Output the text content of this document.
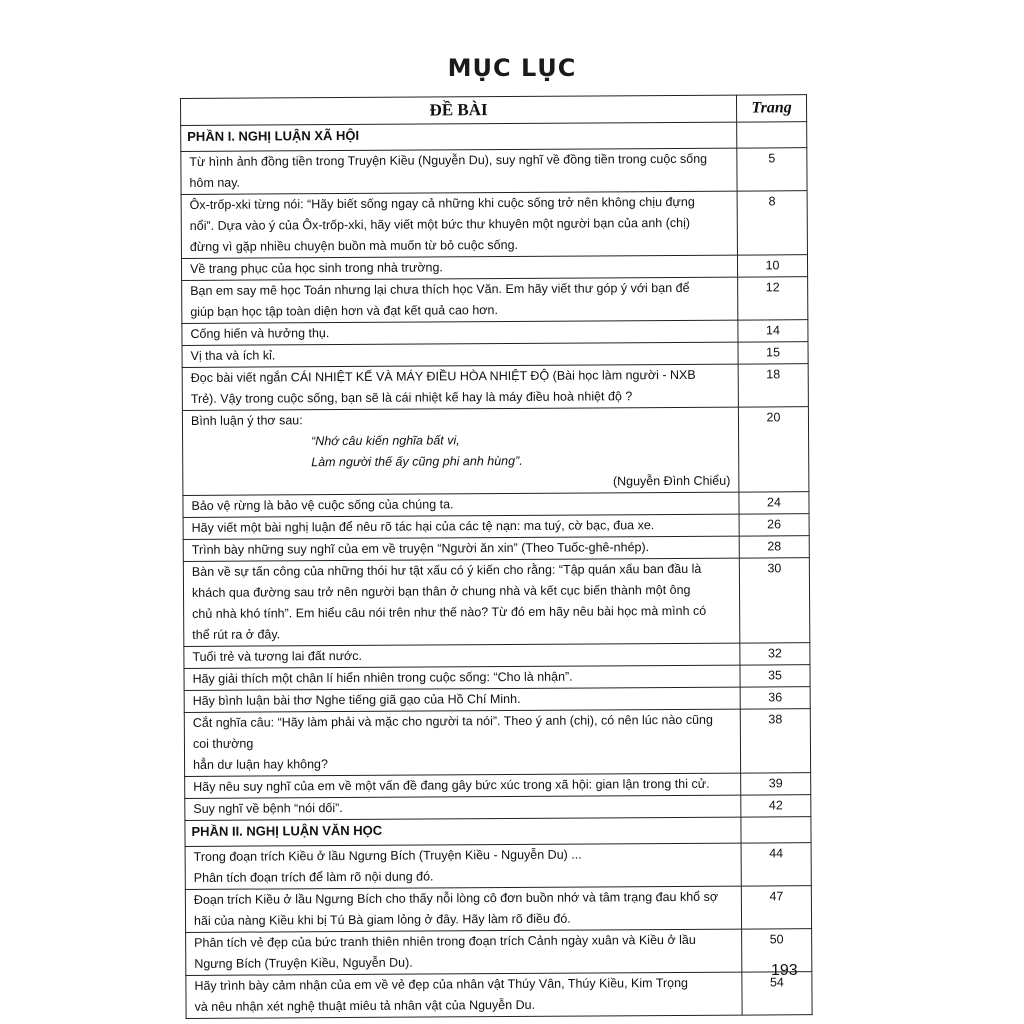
MỤC LỤC
ĐỀ BÀI	Trang
PHẦN I. NGHỊ LUẬN XÃ HỘI	

Từ hình ảnh đồng tiền trong Truyện Kiều (Nguyễn Du), suy nghĩ về đồng tiền trong cuộc sống
hôm nay.	5

Ôx-trốp-xki từng nói: “Hãy biết sống ngay cả những khi cuộc sống trở nên không chịu đựng
nổi”. Dựa vào ý của Ôx-trốp-xki, hãy viết một bức thư khuyên một người bạn của anh (chị)
đừng vì gặp nhiều chuyện buồn mà muốn từ bỏ cuộc sống.	8

Về trang phục của học sinh trong nhà trường.	10

Bạn em say mê học Toán nhưng lại chưa thích học Văn. Em hãy viết thư góp ý với bạn để
giúp bạn học tập toàn diện hơn và đạt kết quả cao hơn.	12

Cống hiến và hưởng thụ.	14

Vị tha và ích kỉ.	15

Đọc bài viết ngắn CÁI NHIỆT KẾ VÀ MÁY ĐIỀU HÒA NHIỆT ĐỘ (Bài học làm người - NXB
Trẻ). Vậy trong cuộc sống, bạn sẽ là cái nhiệt kế hay là máy điều hoà nhiệt độ ?	18

Bình luận ý thơ sau:
“Nhớ câu kiến nghĩa bất vi,
Làm người thế ấy cũng phi anh hùng”.
(Nguyễn Đình Chiểu)	20

Bảo vệ rừng là bảo vệ cuộc sống của chúng ta.	24

Hãy viết một bài nghị luận để nêu rõ tác hại của các tệ nạn: ma tuý, cờ bạc, đua xe.	26

Trình bày những suy nghĩ của em về truyện “Người ăn xin” (Theo Tuốc-ghê-nhép).	28

Bàn về sự tấn công của những thói hư tật xấu có ý kiến cho rằng: “Tập quán xấu ban đầu là
khách qua đường sau trở nên người bạn thân ở chung nhà và kết cục biến thành một ông
chủ nhà khó tính”. Em hiểu câu nói trên như thế nào? Từ đó em hãy nêu bài học mà mình có
thể rút ra ở đây.	30

Tuổi trẻ và tương lai đất nước.	32

Hãy giải thích một chân lí hiển nhiên trong cuộc sống: “Cho là nhận”.	35

Hãy bình luận bài thơ Nghe tiếng giã gạo của Hồ Chí Minh.	36

Cắt nghĩa câu: “Hãy làm phải và mặc cho người ta nói”. Theo ý anh (chị), có nên lúc nào cũng coi thường
hẳn dư luận hay không?	38

Hãy nêu suy nghĩ của em về một vấn đề đang gây bức xúc trong xã hội: gian lận trong thi cử.	39

Suy nghĩ về bệnh “nói dối”.	42
PHẦN II. NGHỊ LUẬN VĂN HỌC	

Trong đoạn trích Kiều ở lầu Ngưng Bích (Truyện Kiều - Nguyễn Du) ...
Phân tích đoạn trích để làm rõ nội dung đó.	44

Đoạn trích Kiều ở lầu Ngưng Bích cho thấy nỗi lòng cô đơn buồn nhớ và tâm trạng đau khổ sợ
hãi của nàng Kiều khi bị Tú Bà giam lỏng ở đây. Hãy làm rõ điều đó.	47

Phân tích vẻ đẹp của bức tranh thiên nhiên trong đoạn trích Cảnh ngày xuân và Kiều ở lầu
Ngưng Bích (Truyện Kiều, Nguyễn Du).	50

Hãy trình bày cảm nhận của em về vẻ đẹp của nhân vật Thúy Vân, Thúy Kiều, Kim Trọng
và nêu nhận xét nghệ thuật miêu tả nhân vật của Nguyễn Du.	54
193
